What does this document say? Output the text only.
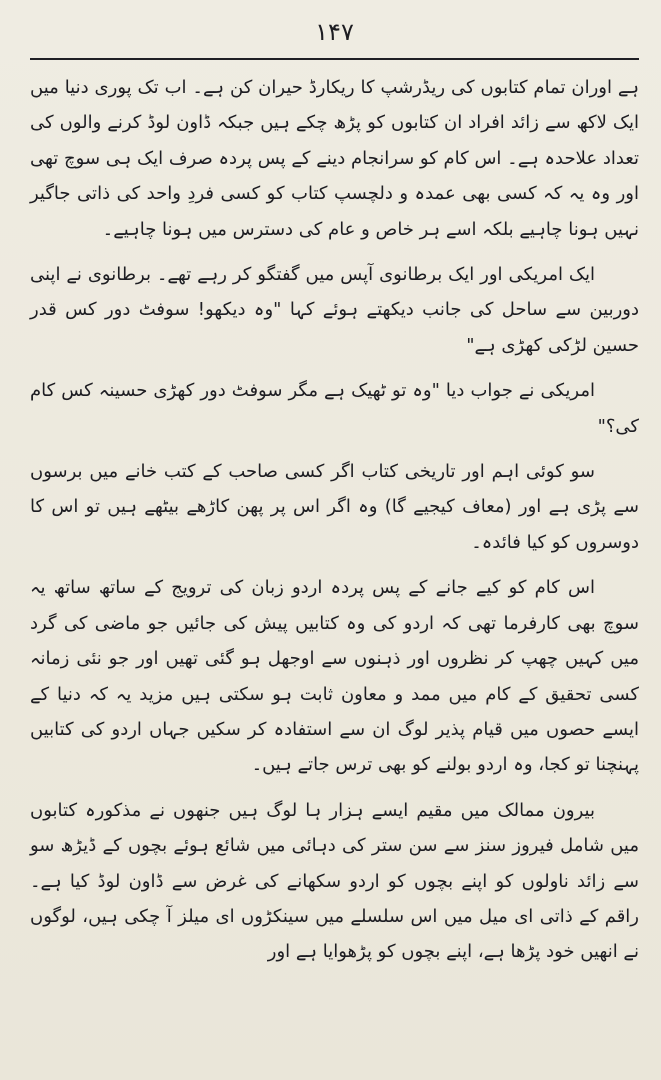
۱۴۷

ہے اوران تمام کتابوں کی ریڈرشپ کا ریکارڈ حیران کن ہے۔ اب تک پوری دنیا میں ایک لاکھ سے زائد افراد ان کتابوں کو پڑھ چکے ہیں جبکہ ڈاون لوڈ کرنے والوں کی تعداد علاحدہ ہے۔ اس کام کو سرانجام دینے کے پس پردہ صرف ایک ہی سوچ تھی اور وہ یہ کہ کسی بھی عمدہ و دلچسپ کتاب کو کسی فردِ واحد کی ذاتی جاگیر نہیں ہونا چاہیے بلکہ اسے ہر خاص و عام کی دسترس میں ہونا چاہیے۔

ایک امریکی اور ایک برطانوی آپس میں گفتگو کر رہے تھے۔ برطانوی نے اپنی دوربین سے ساحل کی جانب دیکھتے ہوئے کہا "وہ دیکھو! سوفٹ دور کس قدر حسین لڑکی کھڑی ہے"

امریکی نے جواب دیا "وہ تو ٹھیک ہے مگر سوفٹ دور کھڑی حسینہ کس کام کی؟"

سو کوئی اہم اور تاریخی کتاب اگر کسی صاحب کے کتب خانے میں برسوں سے پڑی ہے اور (معاف کیجیے گا) وہ اگر اس پر پھن کاڑھے بیٹھے ہیں تو اس کا دوسروں کو کیا فائدہ۔

اس کام کو کیے جانے کے پس پردہ اردو زبان کی ترویج کے ساتھ ساتھ یہ سوچ بھی کارفرما تھی کہ اردو کی وہ کتابیں پیش کی جائیں جو ماضی کی گرد میں کہیں چھپ کر نظروں اور ذہنوں سے اوجھل ہو گئی تھیں اور جو نئی زمانہ کسی تحقیق کے کام میں ممد و معاون ثابت ہو سکتی ہیں مزید یہ کہ دنیا کے ایسے حصوں میں قیام پذیر لوگ ان سے استفادہ کر سکیں جہاں اردو کی کتابیں پہنچنا تو کجا، وہ اردو بولنے کو بھی ترس جاتے ہیں۔

بیرون ممالک میں مقیم ایسے ہزار ہا لوگ ہیں جنھوں نے مذکورہ کتابوں میں شامل فیروز سنز سے سن ستر کی دہائی میں شائع ہوئے بچوں کے ڈیڑھ سو سے زائد ناولوں کو اپنے بچوں کو اردو سکھانے کی غرض سے ڈاون لوڈ کیا ہے۔ راقم کے ذاتی ای میل میں اس سلسلے میں سینکڑوں ای میلز آ چکی ہیں، لوگوں نے انھیں خود پڑھا ہے، اپنے بچوں کو پڑھوایا ہے اور
